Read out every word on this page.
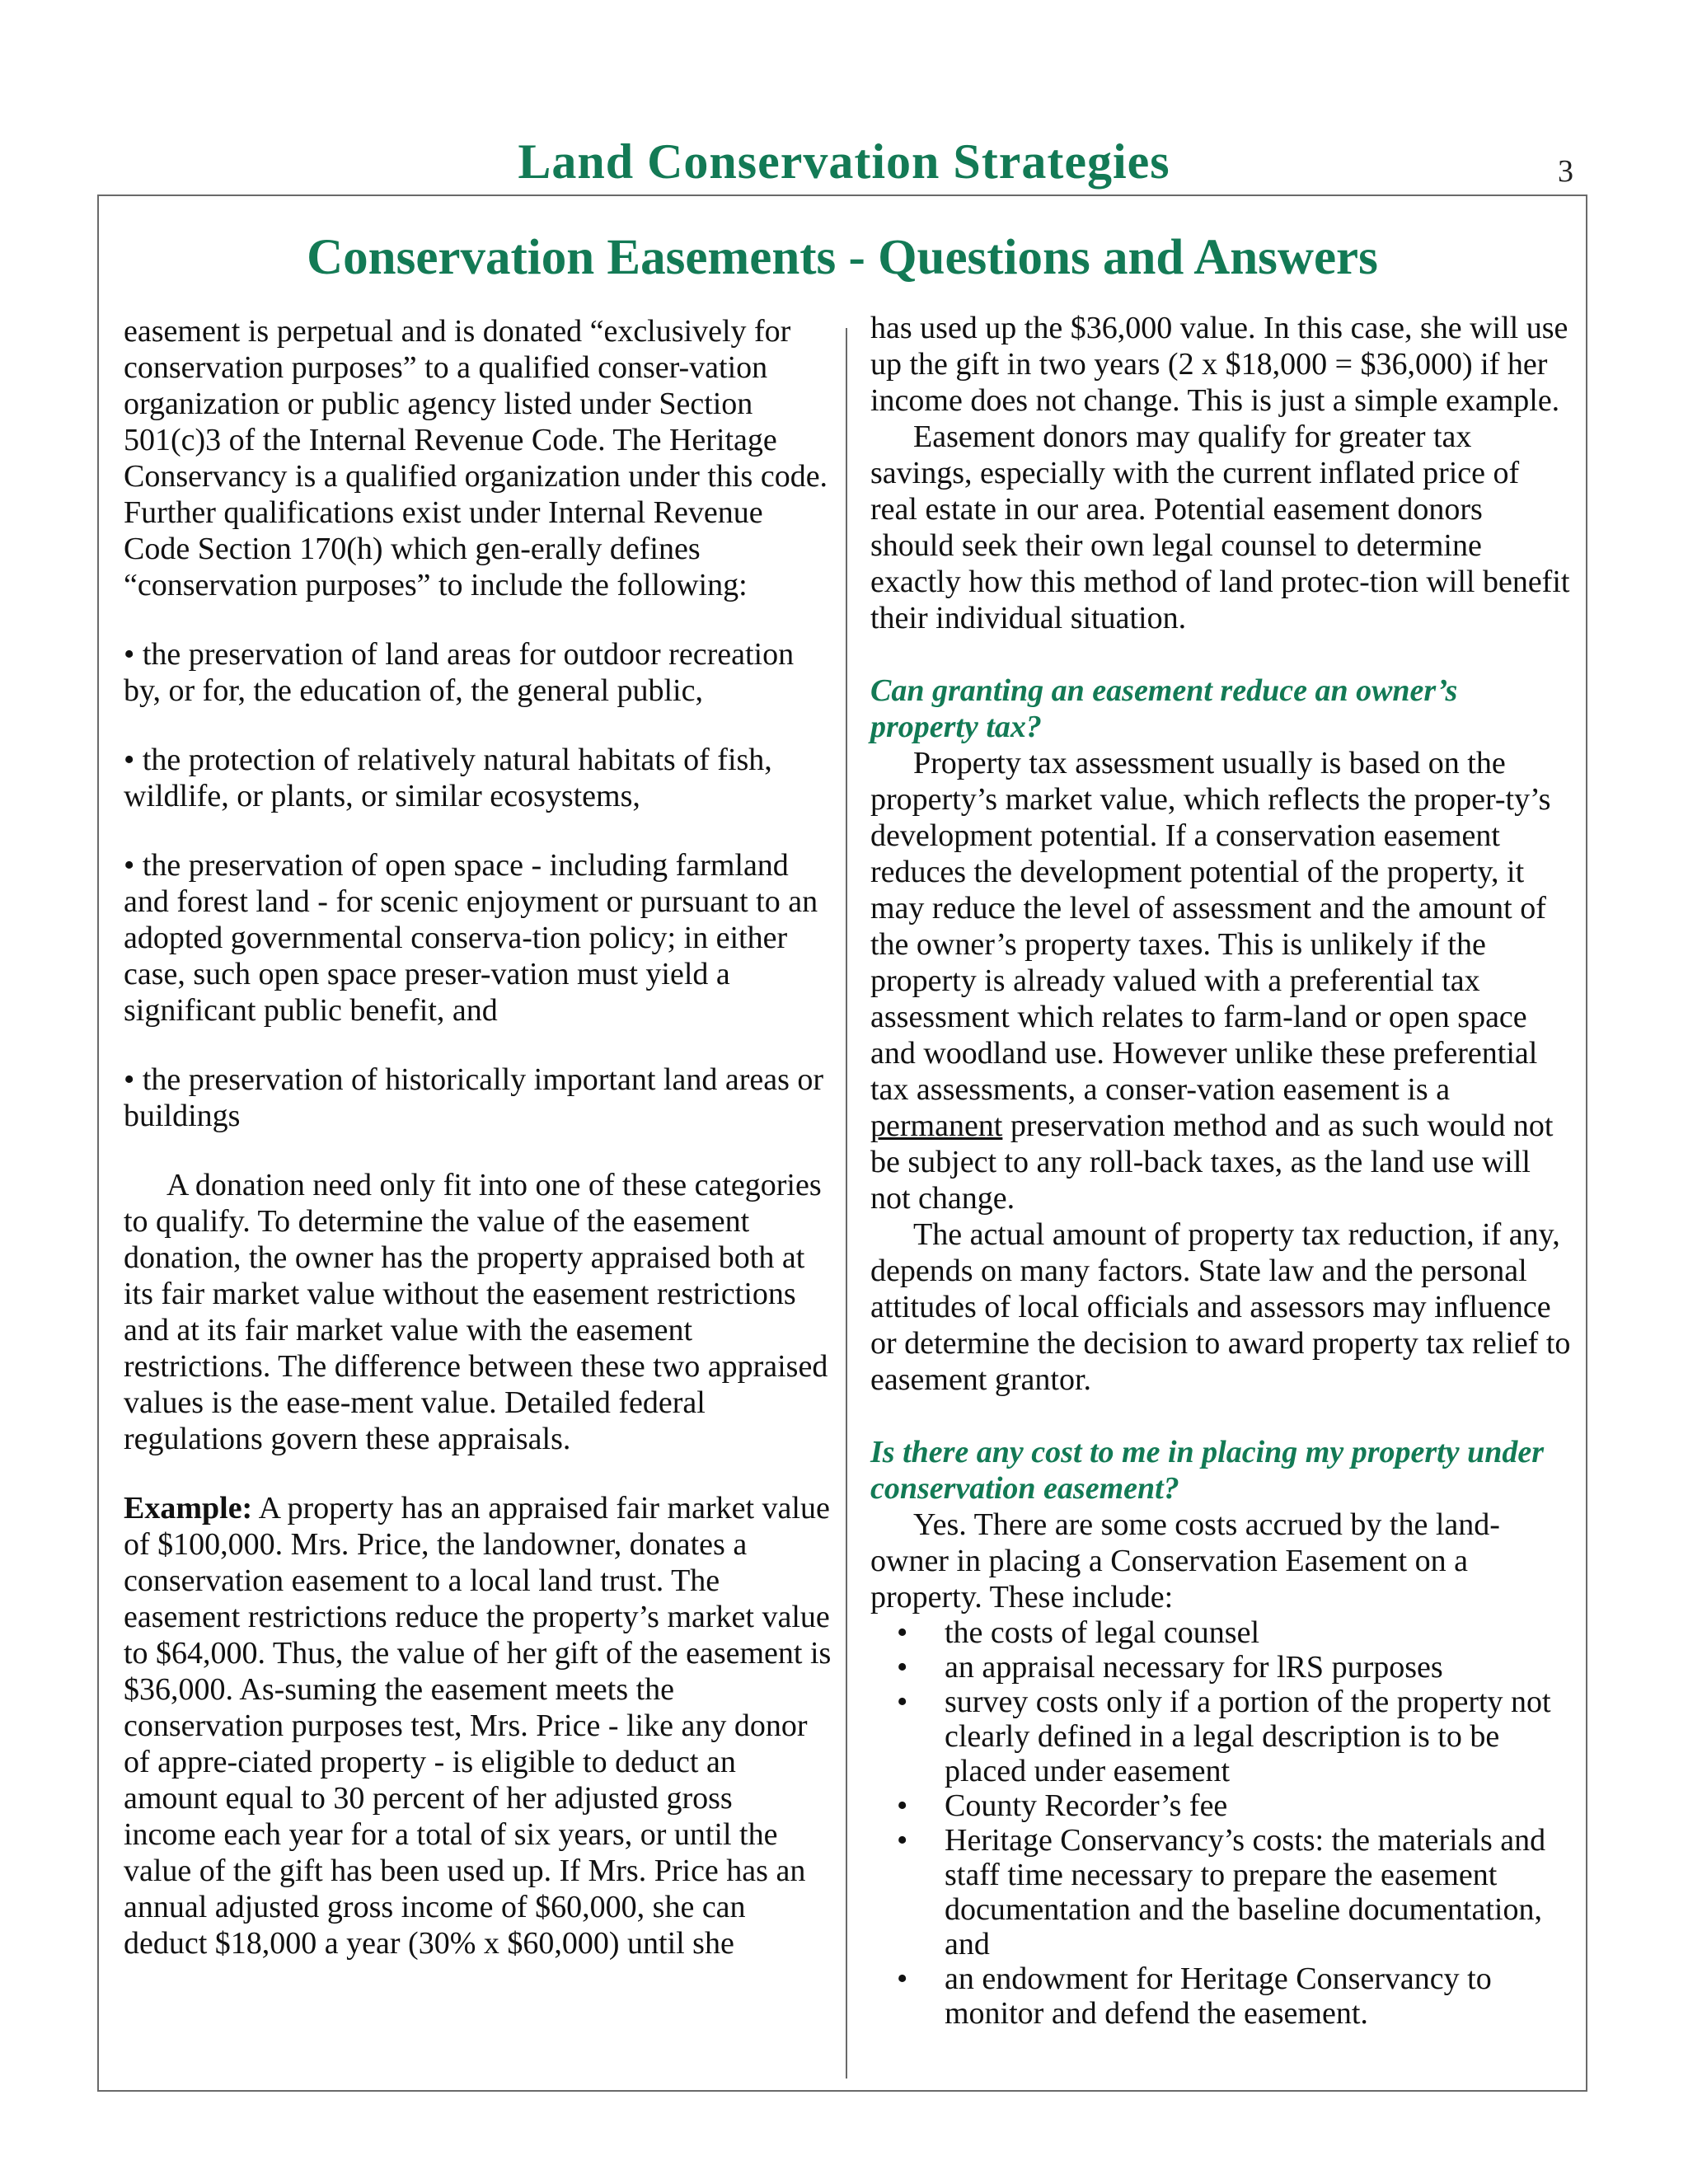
Land Conservation Strategies	3
Conservation Easements - Questions and Answers

easement is perpetual and is donated “exclusively for conservation purposes” to a qualified conser-vation organization or public agency listed under Section 501(c)3 of the Internal Revenue Code. The Heritage Conservancy is a qualified organization under this code. Further qualifications exist under Internal Revenue Code Section 170(h) which gen-erally defines “conservation purposes” to include the following:

• the preservation of land areas for outdoor recreation by, or for, the education of, the general public,

• the protection of relatively natural habitats of fish, wildlife, or plants, or similar ecosystems,

• the preservation of open space - including farmland and forest land - for scenic enjoyment or pursuant to an adopted governmental conserva-tion policy; in either case, such open space preser-vation must yield a significant public benefit, and

• the preservation of historically important land areas or buildings

A donation need only fit into one of these categories to qualify. To determine the value of the easement donation, the owner has the property appraised both at its fair market value without the easement restrictions and at its fair market value with the easement restrictions. The difference between these two appraised values is the ease-ment value. Detailed federal regulations govern these appraisals.

Example: A property has an appraised fair market value of $100,000. Mrs. Price, the landowner, donates a conservation easement to a local land trust. The easement restrictions reduce the property’s market value to $64,000. Thus, the value of her gift of the easement is $36,000. As-suming the easement meets the conservation purposes test, Mrs. Price - like any donor of appre-ciated property - is eligible to deduct an amount equal to 30 percent of her adjusted gross income each year for a total of six years, or until the value of the gift has been used up. If Mrs. Price has an annual adjusted gross income of $60,000, she can deduct $18,000 a year (30% x $60,000) until she

has used up the $36,000 value. In this case, she will use up the gift in two years (2 x $18,000 = $36,000) if her income does not change. This is just a simple example.

Easement donors may qualify for greater tax savings, especially with the current inflated price of real estate in our area. Potential easement donors should seek their own legal counsel to determine exactly how this method of land protec-tion will benefit their individual situation.

Can granting an easement reduce an owner’s property tax?

Property tax assessment usually is based on the property’s market value, which reflects the proper-ty’s development potential. If a conservation easement reduces the development potential of the property, it may reduce the level of assessment and the amount of the owner’s property taxes. This is unlikely if the property is already valued with a preferential tax assessment which relates to farm-land or open space and woodland use. However unlike these preferential tax assessments, a conser-vation easement is a permanent preservation method and as such would not be subject to any roll-back taxes, as the land use will not change.

The actual amount of property tax reduction, if any, depends on many factors. State law and the personal attitudes of local officials and assessors may influence or determine the decision to award property tax relief to easement grantor.

Is there any cost to me in placing my property under conservation easement?

Yes. There are some costs accrued by the land-owner in placing a Conservation Easement on a property. These include:

• the costs of legal counsel
• an appraisal necessary for lRS purposes
• survey costs only if a portion of the property not clearly defined in a legal description is to be placed under easement
• County Recorder’s fee
• Heritage Conservancy’s costs: the materials and staff time necessary to prepare the easement documentation and the baseline documentation, and
• an endowment for Heritage Conservancy to monitor and defend the easement.
